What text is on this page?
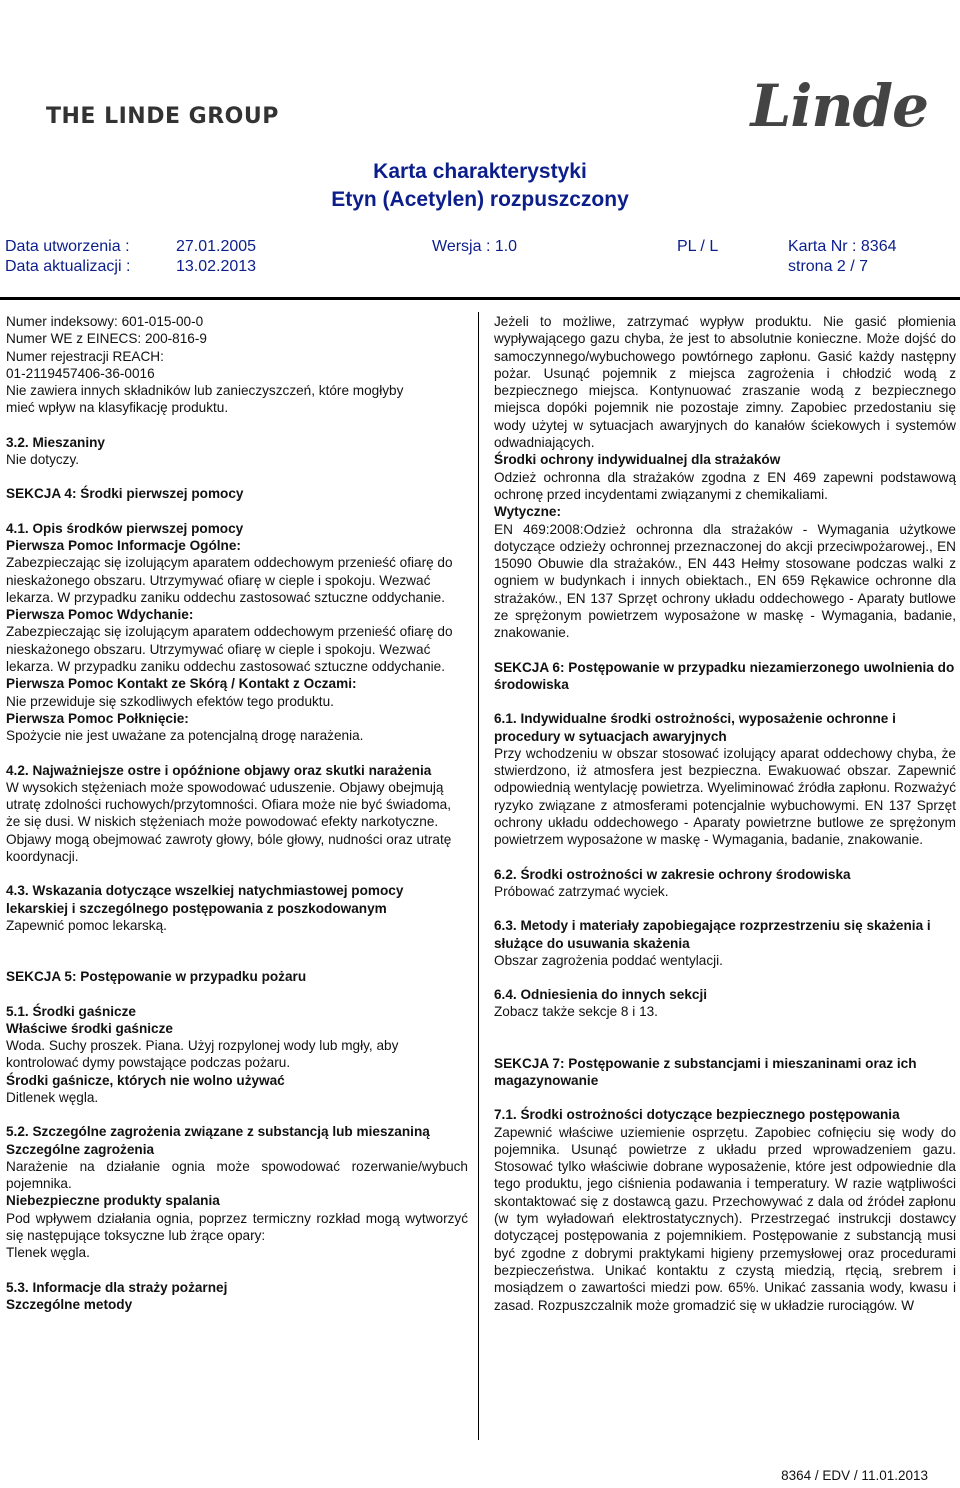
THE LINDE GROUP	Linde
Karta charakterystyki
Etyn (Acetylen) rozpuszczony
Data utworzenia :	27.01.2005	Wersja : 1.0	PL / L	Karta Nr : 8364
Data aktualizacji :	13.02.2013	strona 2 / 7

Numer indeksowy: 601-015-00-0

Numer WE z EINECS: 200-816-9

Numer rejestracji REACH:

01-2119457406-36-0016

Nie zawiera innych składników lub zanieczyszczeń, które mogłyby

mieć wpływ na klasyfikację produktu.

3.2. Mieszaniny

Nie dotyczy.

SEKCJA 4: Środki pierwszej pomocy

4.1. Opis środków pierwszej pomocy

Pierwsza Pomoc Informacje Ogólne:

Zabezpieczając się izolującym aparatem oddechowym przenieść ofiarę do nieskażonego obszaru. Utrzymywać ofiarę w cieple i spokoju. Wezwać lekarza. W przypadku zaniku oddechu zastosować sztuczne oddychanie.

Pierwsza Pomoc Wdychanie:

Zabezpieczając się izolującym aparatem oddechowym przenieść ofiarę do nieskażonego obszaru. Utrzymywać ofiarę w cieple i spokoju. Wezwać lekarza. W przypadku zaniku oddechu zastosować sztuczne oddychanie.

Pierwsza Pomoc Kontakt ze Skórą / Kontakt z Oczami:

Nie przewiduje się szkodliwych efektów tego produktu.

Pierwsza Pomoc Połknięcie:

Spożycie nie jest uważane za potencjalną drogę narażenia.

4.2. Najważniejsze ostre i opóźnione objawy oraz skutki narażenia

W wysokich stężeniach może spowodować uduszenie. Objawy obejmują utratę zdolności ruchowych/przytomności. Ofiara może nie być świadoma, że się dusi. W niskich stężeniach może powodować efekty narkotyczne. Objawy mogą obejmować zawroty głowy, bóle głowy, nudności oraz utratę koordynacji.

4.3. Wskazania dotyczące wszelkiej natychmiastowej pomocy lekarskiej i szczególnego postępowania z poszkodowanym

Zapewnić pomoc lekarską.

SEKCJA 5: Postępowanie w przypadku pożaru

5.1. Środki gaśnicze

Właściwe środki gaśnicze

Woda. Suchy proszek. Piana. Użyj rozpylonej wody lub mgły, aby kontrolować dymy powstające podczas pożaru.

Środki gaśnicze, których nie wolno używać

Ditlenek węgla.

5.2. Szczególne zagrożenia związane z substancją lub mieszaniną

Szczególne zagrożenia

Narażenie na działanie ognia może spowodować rozerwanie/wybuch pojemnika.

Niebezpieczne produkty spalania

Pod wpływem działania ognia, poprzez termiczny rozkład mogą wytworzyć się następujące toksyczne lub żrące opary:

Tlenek węgla.

5.3. Informacje dla straży pożarnej

Szczególne metody

Jeżeli to możliwe, zatrzymać wypływ produktu. Nie gasić płomienia wypływającego gazu chyba, że jest to absolutnie konieczne. Może dojść do samoczynnego/wybuchowego powtórnego zapłonu. Gasić każdy następny pożar. Usunąć pojemnik z miejsca zagrożenia i chłodzić wodą z bezpiecznego miejsca. Kontynuować zraszanie wodą z bezpiecznego miejsca dopóki pojemnik nie pozostaje zimny. Zapobiec przedostaniu się wody użytej w sytuacjach awaryjnych do kanałów ściekowych i systemów odwadniających.

Środki ochrony indywidualnej dla strażaków

Odzież ochronna dla strażaków zgodna z EN 469 zapewni podstawową ochronę przed incydentami związanymi z chemikaliami.

Wytyczne:

EN 469:2008:Odzież ochronna dla strażaków - Wymagania użytkowe dotyczące odzieży ochronnej przeznaczonej do akcji przeciwpożarowej., EN 15090 Obuwie dla strażaków., EN 443 Hełmy stosowane podczas walki z ogniem w budynkach i innych obiektach., EN 659 Rękawice ochronne dla strażaków., EN 137 Sprzęt ochrony układu oddechowego - Aparaty butlowe ze sprężonym powietrzem wyposażone w maskę - Wymagania, badanie, znakowanie.

SEKCJA 6: Postępowanie w przypadku niezamierzonego uwolnienia do środowiska

6.1. Indywidualne środki ostrożności, wyposażenie ochronne i procedury w sytuacjach awaryjnych

Przy wchodzeniu w obszar stosować izolujący aparat oddechowy chyba, że stwierdzono, iż atmosfera jest bezpieczna. Ewakuować obszar. Zapewnić odpowiednią wentylację powietrza. Wyeliminować źródła zapłonu. Rozważyć ryzyko związane z atmosferami potencjalnie wybuchowymi. EN 137 Sprzęt ochrony układu oddechowego - Aparaty powietrzne butlowe ze sprężonym powietrzem wyposażone w maskę - Wymagania, badanie, znakowanie.

6.2. Środki ostrożności w zakresie ochrony środowiska

Próbować zatrzymać wyciek.

6.3. Metody i materiały zapobiegające rozprzestrzeniu się skażenia i służące do usuwania skażenia

Obszar zagrożenia poddać wentylacji.

6.4. Odniesienia do innych sekcji

Zobacz także sekcje 8 i 13.

SEKCJA 7: Postępowanie z substancjami i mieszaninami oraz ich magazynowanie

7.1. Środki ostrożności dotyczące bezpiecznego postępowania

Zapewnić właściwe uziemienie osprzętu. Zapobiec cofnięciu się wody do pojemnika. Usunąć powietrze z układu przed wprowadzeniem gazu. Stosować tylko właściwie dobrane wyposażenie, które jest odpowiednie dla tego produktu, jego ciśnienia podawania i temperatury. W razie wątpliwości skontaktować się z dostawcą gazu. Przechowywać z dala od źródeł zapłonu (w tym wyładowań elektrostatycznych). Przestrzegać instrukcji dostawcy dotyczącej postępowania z pojemnikiem. Postępowanie z substancją musi być zgodne z dobrymi praktykami higieny przemysłowej oraz procedurami bezpieczeństwa. Unikać kontaktu z czystą miedzią, rtęcią, srebrem i mosiądzem o zawartości miedzi pow. 65%. Unikać zassania wody, kwasu i zasad. Rozpuszczalnik może gromadzić się w układzie rurociągów. W

8364 / EDV / 11.01.2013
